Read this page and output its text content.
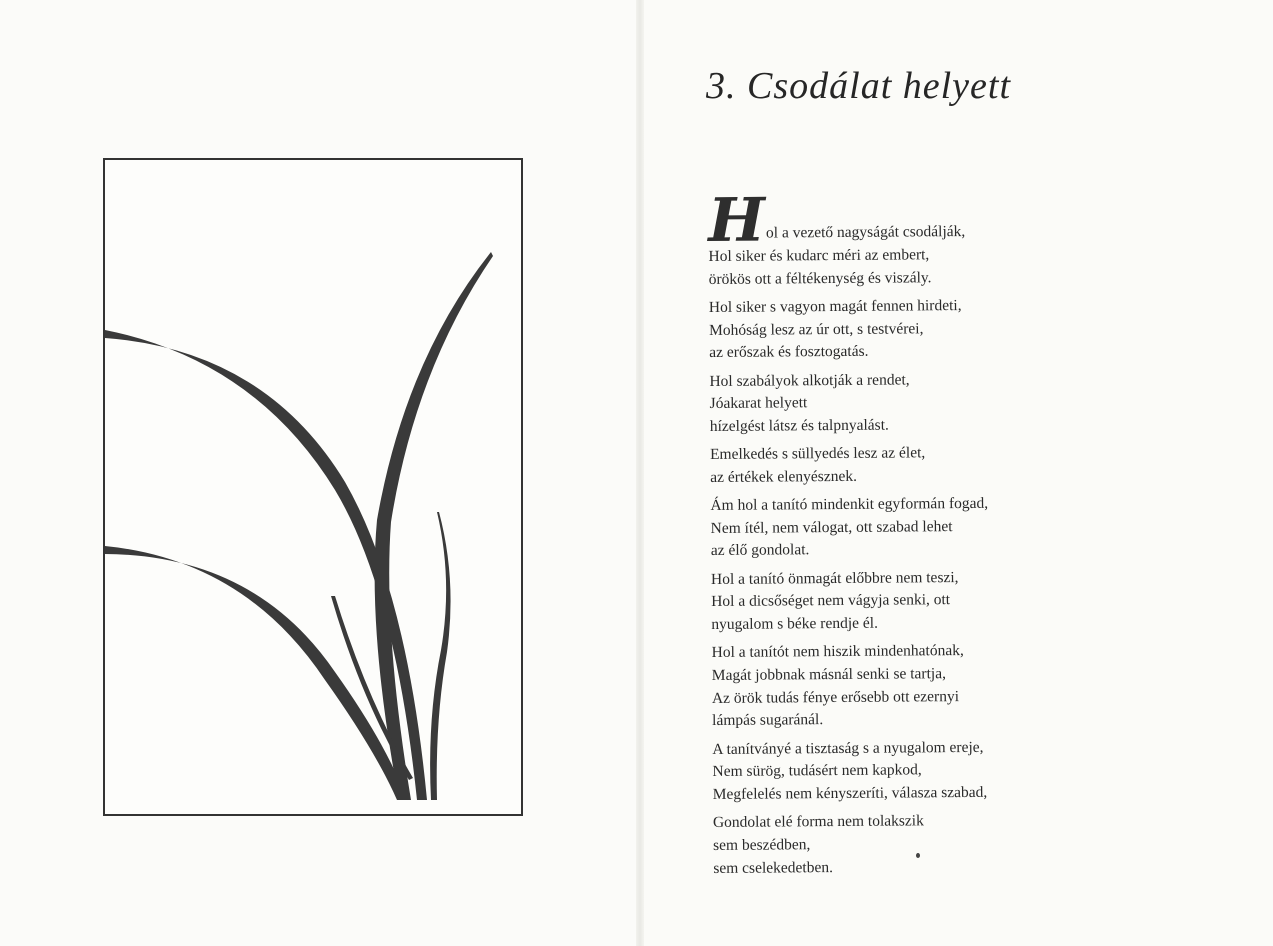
3. Csodálat helyett
H ol a vezető nagyságát csodálják,
Hol siker és kudarc méri az embert,
örökös ott a féltékenység és viszály.
Hol siker s vagyon magát fennen hirdeti,
Mohóság lesz az úr ott, s testvérei,
az erőszak és fosztogatás.
Hol szabályok alkotják a rendet,
Jóakarat helyett
hízelgést látsz és talpnyalást.
Emelkedés s süllyedés lesz az élet,
az értékek elenyésznek.
Ám hol a tanító mindenkit egyformán fogad,
Nem ítél, nem válogat, ott szabad lehet
az élő gondolat.
Hol a tanító önmagát előbbre nem teszi,
Hol a dicsőséget nem vágyja senki, ott
nyugalom s béke rendje él.
Hol a tanítót nem hiszik mindenhatónak,
Magát jobbnak másnál senki se tartja,
Az örök tudás fénye erősebb ott ezernyi
lámpás sugaránál.
A tanítványé a tisztaság s a nyugalom ereje,
Nem sürög, tudásért nem kapkod,
Megfelelés nem kényszeríti, válasza szabad,
Gondolat elé forma nem tolakszik
sem beszédben,
sem cselekedetben.
